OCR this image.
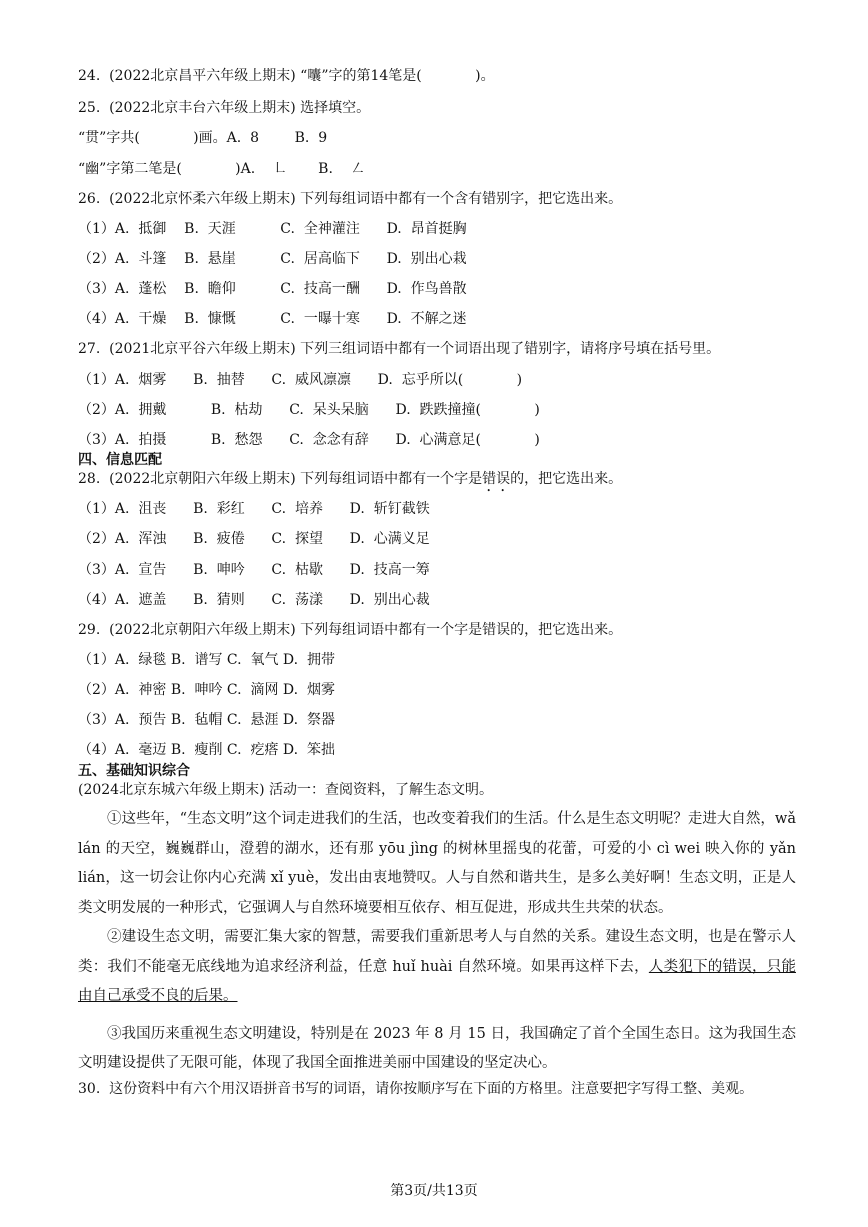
24.  (2022北京昌平六年级上期末) “囔”字的第14笔是(            )。
25.  (2022北京丰台六年级上期末) 选择填空。
“贯”字共(            )画。A.  8        B.  9
“幽”字第二笔是(            )A.    ㇗       B.    ㇜
26.  (2022北京怀柔六年级上期末) 下列每组词语中都有一个含有错别字，把它选出来。
（1）A.  抵御    B.  天涯          C.  全神灌注      D.  昂首挺胸
（2）A.  斗篷    B.  悬崖          C.  居高临下      D.  别出心栽
（3）A.  蓬松    B.  瞻仰          C.  技高一酬      D.  作鸟兽散
（4）A.  干燥    B.  慷慨          C.  一曝十寒      D.  不解之迷
27.  (2021北京平谷六年级上期末) 下列三组词语中都有一个词语出现了错别字，请将序号填在括号里。
（1）A.  烟雾      B.  抽替      C.  威风凛凛      D.  忘乎所以(            )
（2）A.  拥戴          B.  枯劫      C.  呆头呆脑      D.  跌跌撞撞(            )
（3）A.  拍摄          B.  愁怨      C.  念念有辞      D.  心满意足(            )
四、信息匹配
28.  (2022北京朝阳六年级上期末) 下列每组词语中都有一个字是错误的，把它选出来。
（1）A.  沮丧      B.  彩红      C.  培养      D.  斩钉截铁
（2）A.  浑浊      B.  疲倦      C.  探望      D.  心满义足
（3）A.  宣告      B.  呻吟      C.  枯歇      D.  技高一筹
（4）A.  遮盖      B.  猜则      C.  荡漾      D.  别出心裁
29.  (2022北京朝阳六年级上期末) 下列每组词语中都有一个字是错误的，把它选出来。
（1）A.  绿毯 B.  谱写 C.  氧气 D.  拥带
（2）A.  神密 B.  呻吟 C.  滴网 D.  烟雾
（3）A.  预告 B.  毡帽 C.  悬涯 D.  祭器
（4）A.  毫迈 B.  瘦削 C.  疙瘩 D.  笨拙
五、基础知识综合
(2024北京东城六年级上期末) 活动一：查阅资料，了解生态文明。

①这些年，“生态文明”这个词走进我们的生活，也改变着我们的生活。什么是生态文明呢？走进大自然，wǎ lán 的天空，巍巍群山，澄碧的湖水，还有那 yōu jìng 的树林里摇曳的花蕾，可爱的小 cì wei 映入你的 yǎn lián，这一切会让你内心充满 xǐ yuè，发出由衷地赞叹。人与自然和谐共生，是多么美好啊！生态文明，正是人类文明发展的一种形式，它强调人与自然环境要相互依存、相互促进，形成共生共荣的状态。

②建设生态文明，需要汇集大家的智慧，需要我们重新思考人与自然的关系。建设生态文明，也是在警示人类：我们不能毫无底线地为追求经济利益，任意 huǐ huài 自然环境。如果再这样下去，人类犯下的错误，只能由自己承受不良的后果。

③我国历来重视生态文明建设，特别是在 2023 年 8 月 15 日，我国确定了首个全国生态日。这为我国生态文明建设提供了无限可能，体现了我国全面推进美丽中国建设的坚定决心。

30.  这份资料中有六个用汉语拼音书写的词语，请你按顺序写在下面的方格里。注意要把字写得工整、美观。
第3页/共13页
